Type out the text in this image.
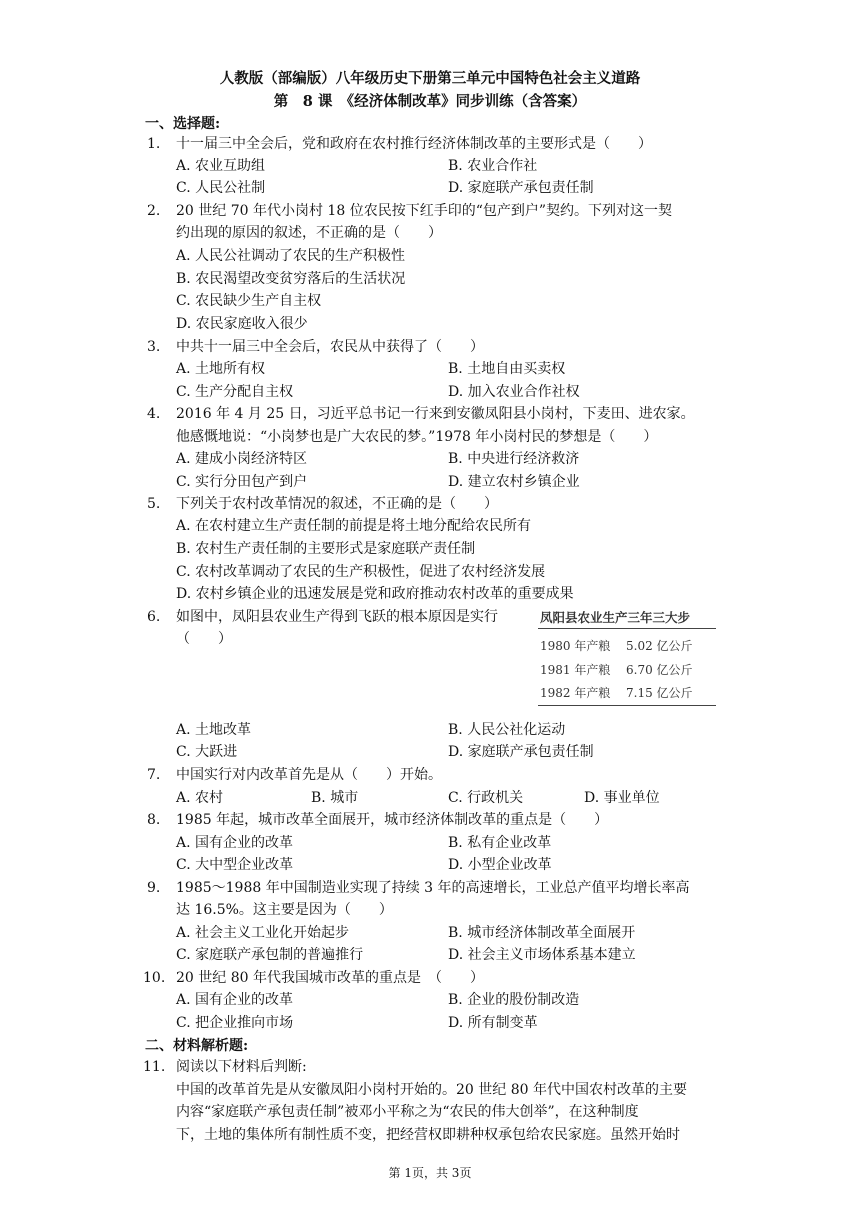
人教版（部编版）八年级历史下册第三单元中国特色社会主义道路
第　8 课　《经济体制改革》同步训练（含答案）
一、选择题:
1. 十一届三中全会后，党和政府在农村推行经济体制改革的主要形式是（　　）
A. 农业互助组	B. 农业合作社
C. 人民公社制	D. 家庭联产承包责任制
2. 20 世纪 70 年代小岗村 18 位农民按下红手印的“包产到户”契约。下列对这一契
约出现的原因的叙述，不正确的是（　　）
A. 人民公社调动了农民的生产积极性
B. 农民渴望改变贫穷落后的生活状况
C. 农民缺少生产自主权
D. 农民家庭收入很少
3. 中共十一届三中全会后，农民从中获得了（　　）
A. 土地所有权	B. 土地自由买卖权
C. 生产分配自主权	D. 加入农业合作社权
4. 2016 年 4 月 25 日，习近平总书记一行来到安徽凤阳县小岗村，下麦田、进农家。
他感慨地说：“小岗梦也是广大农民的梦。”1978 年小岗村民的梦想是（　　）
A. 建成小岗经济特区	B. 中央进行经济救济
C. 实行分田包产到户	D. 建立农村乡镇企业
5. 下列关于农村改革情况的叙述，不正确的是（　　）
A. 在农村建立生产责任制的前提是将土地分配给农民所有
B. 农村生产责任制的主要形式是家庭联产责任制
C. 农村改革调动了农民的生产积极性，促进了农村经济发展
D. 农村乡镇企业的迅速发展是党和政府推动农村改革的重要成果
6. 如图中，凤阳县农业生产得到飞跃的根本原因是实行
（　　）
凤阳县农业生产三年三大步
1980 年产粮 5.02 亿公斤
1981 年产粮 6.70 亿公斤
1982 年产粮 7.15 亿公斤
A. 土地改革	B. 人民公社化运动
C. 大跃进	D. 家庭联产承包责任制
7. 中国实行对内改革首先是从（　　）开始。
A. 农村	B. 城市	C. 行政机关	D. 事业单位
8. 1985 年起，城市改革全面展开，城市经济体制改革的重点是（　　）
A. 国有企业的改革	B. 私有企业改革
C. 大中型企业改革	D. 小型企业改革
9. 1985～1988 年中国制造业实现了持续 3 年的高速增长，工业总产值平均增长率高
达 16.5%。这主要是因为（　　）
A. 社会主义工业化开始起步	B. 城市经济体制改革全面展开
C. 家庭联产承包制的普遍推行	D. 社会主义市场体系基本建立
10. 20 世纪 80 年代我国城市改革的重点是　（　　）
A. 国有企业的改革	B. 企业的股份制改造
C. 把企业推向市场	D. 所有制变革
二、材料解析题:
11. 阅读以下材料后判断:
中国的改革首先是从安徽凤阳小岗村开始的。20 世纪 80 年代中国农村改革的主要
内容“家庭联产承包责任制”被邓小平称之为“农民的伟大创举”，在这种制度
下，土地的集体所有制性质不变，把经营权即耕种权承包给农民家庭。虽然开始时
第 1页，共 3页
